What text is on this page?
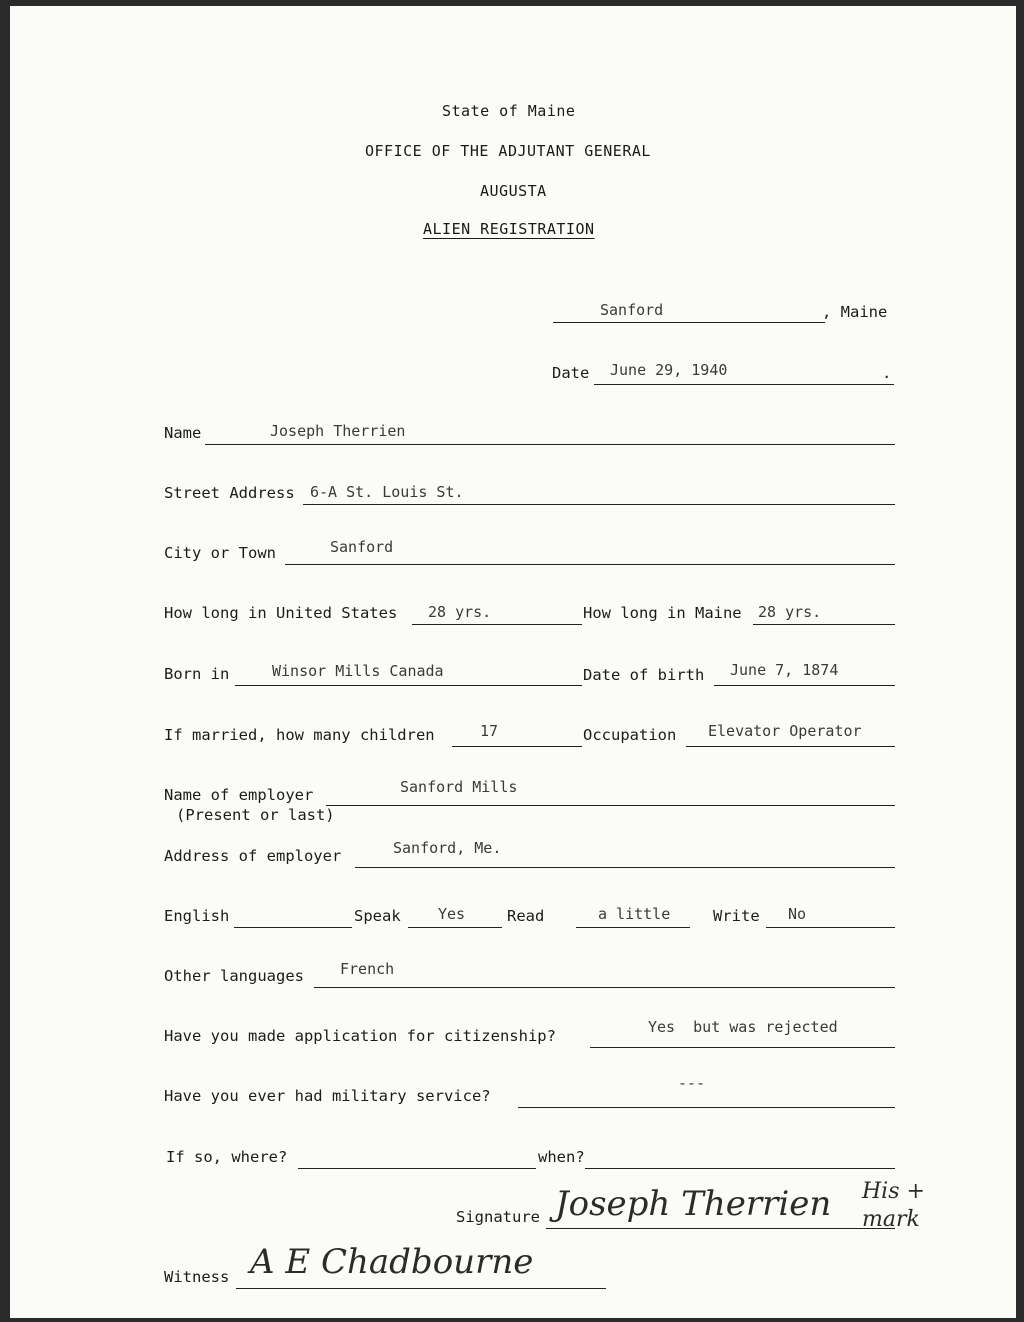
State of Maine
OFFICE OF THE ADJUTANT GENERAL
AUGUSTA
ALIEN REGISTRATION
Sanford	, Maine
Date June 29, 1940	.
Name	Joseph Therrien
Street Address 6-A St. Louis St.
City or Town	Sanford
How long in United States 28 yrs.	How long in Maine 28 yrs.
Born in	Winsor Mills Canada	Date of birth June 7, 1874
If married, how many children	17	Occupation Elevator Operator
Name of employer
(Present or last)
Sanford Mills
Address of employer	Sanford, Me.
English	Speak Yes	Read	a little	Write No
Other languages French
Have you made application for citizenship?	Yes  but was rejected
Have you ever had military service?
---
If so, where?	when?
Signature Joseph Therrien His + mark
Witness A E Chadbourne
